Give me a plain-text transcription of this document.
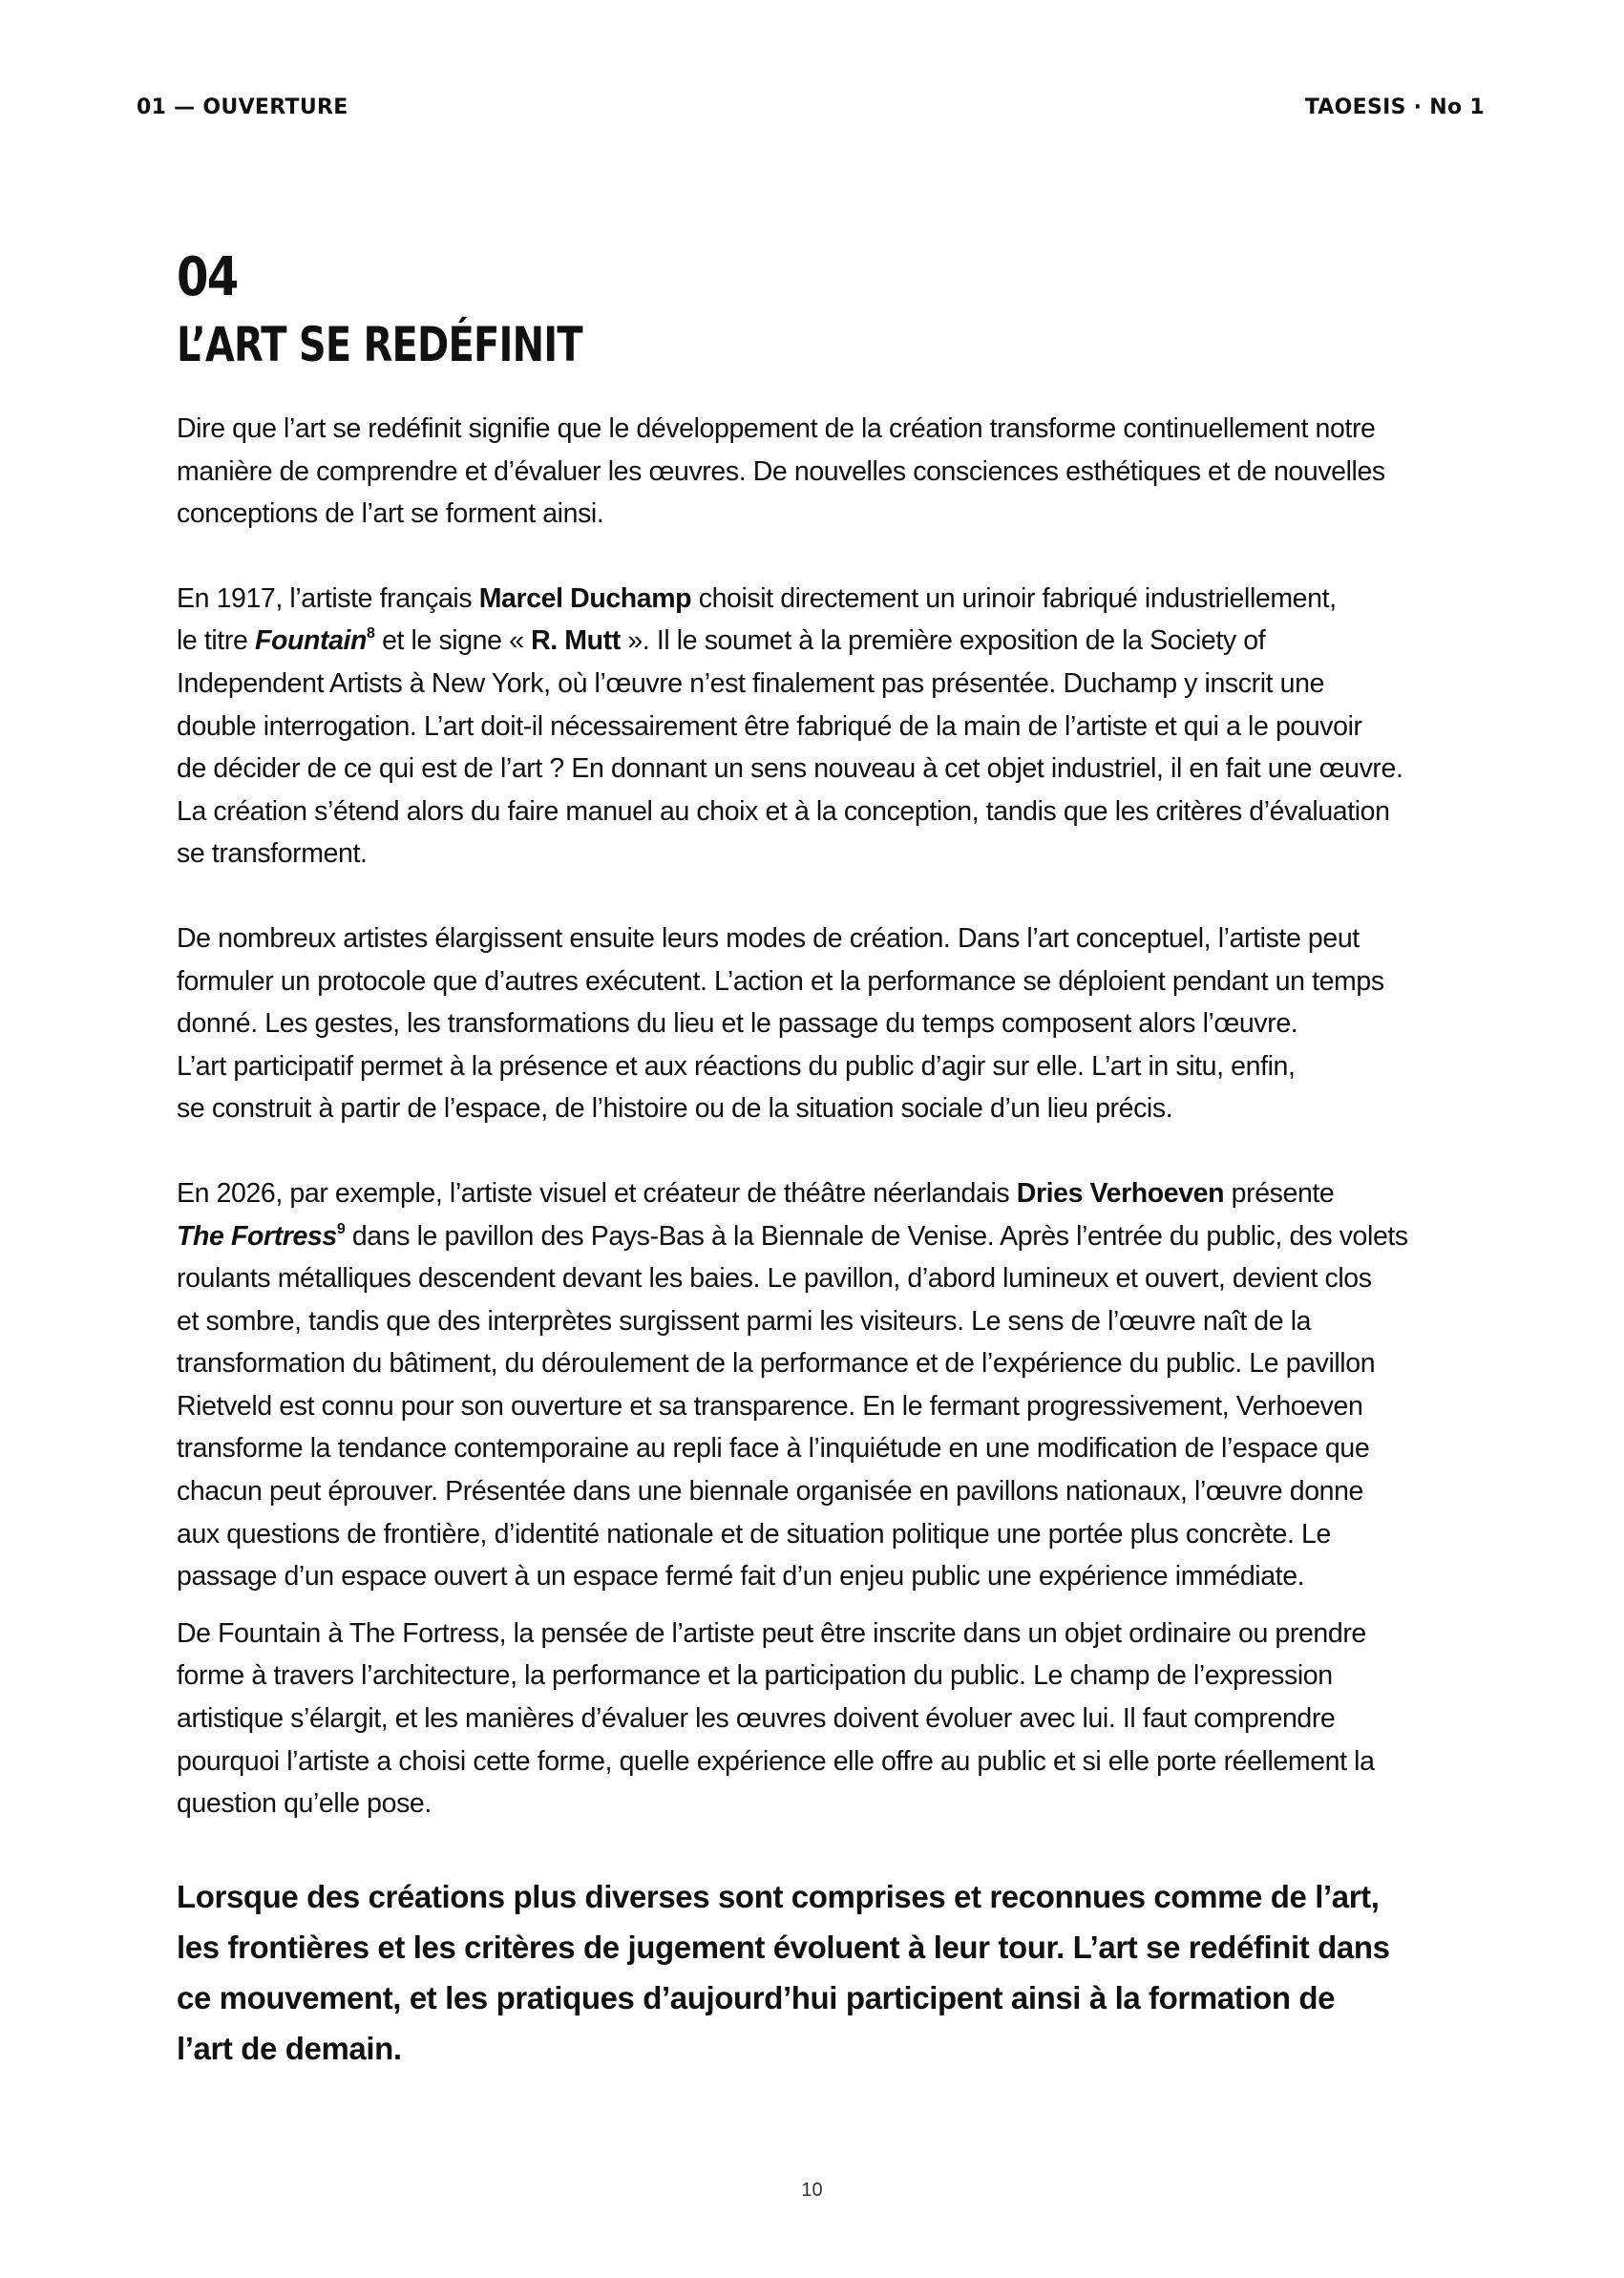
01 — OUVERTURE	TAOESIS · No 1
04
L’ART SE REDÉFINIT

Dire que l’art se redéfinit signifie que le développement de la création transforme continuellement notre
manière de comprendre et d’évaluer les œuvres. De nouvelles consciences esthétiques et de nouvelles
conceptions de l’art se forment ainsi.

En 1917, l’artiste français Marcel Duchamp choisit directement un urinoir fabriqué industriellement,
le titre Fountain$^8$ et le signe « R. Mutt ». Il le soumet à la première exposition de la Society of
Independent Artists à New York, où l’œuvre n’est finalement pas présentée. Duchamp y inscrit une
double interrogation. L’art doit-il nécessairement être fabriqué de la main de l’artiste et qui a le pouvoir
de décider de ce qui est de l’art ? En donnant un sens nouveau à cet objet industriel, il en fait une œuvre.
La création s’étend alors du faire manuel au choix et à la conception, tandis que les critères d’évaluation
se transforment.

De nombreux artistes élargissent ensuite leurs modes de création. Dans l’art conceptuel, l’artiste peut
formuler un protocole que d’autres exécutent. L’action et la performance se déploient pendant un temps
donné. Les gestes, les transformations du lieu et le passage du temps composent alors l’œuvre.
L’art participatif permet à la présence et aux réactions du public d’agir sur elle. L’art in situ, enfin,
se construit à partir de l’espace, de l’histoire ou de la situation sociale d’un lieu précis.

En 2026, par exemple, l’artiste visuel et créateur de théâtre néerlandais Dries Verhoeven présente
The Fortress$^9$ dans le pavillon des Pays-Bas à la Biennale de Venise. Après l’entrée du public, des volets
roulants métalliques descendent devant les baies. Le pavillon, d’abord lumineux et ouvert, devient clos
et sombre, tandis que des interprètes surgissent parmi les visiteurs. Le sens de l’œuvre naît de la
transformation du bâtiment, du déroulement de la performance et de l’expérience du public. Le pavillon
Rietveld est connu pour son ouverture et sa transparence. En le fermant progressivement, Verhoeven
transforme la tendance contemporaine au repli face à l’inquiétude en une modification de l’espace que
chacun peut éprouver. Présentée dans une biennale organisée en pavillons nationaux, l’œuvre donne
aux questions de frontière, d’identité nationale et de situation politique une portée plus concrète. Le
passage d’un espace ouvert à un espace fermé fait d’un enjeu public une expérience immédiate.

De Fountain à The Fortress, la pensée de l’artiste peut être inscrite dans un objet ordinaire ou prendre
forme à travers l’architecture, la performance et la participation du public. Le champ de l’expression
artistique s’élargit, et les manières d’évaluer les œuvres doivent évoluer avec lui. Il faut comprendre
pourquoi l’artiste a choisi cette forme, quelle expérience elle offre au public et si elle porte réellement la
question qu’elle pose.

Lorsque des créations plus diverses sont comprises et reconnues comme de l’art,
les frontières et les critères de jugement évoluent à leur tour. L’art se redéfinit dans
ce mouvement, et les pratiques d’aujourd’hui participent ainsi à la formation de
l’art de demain.

10
